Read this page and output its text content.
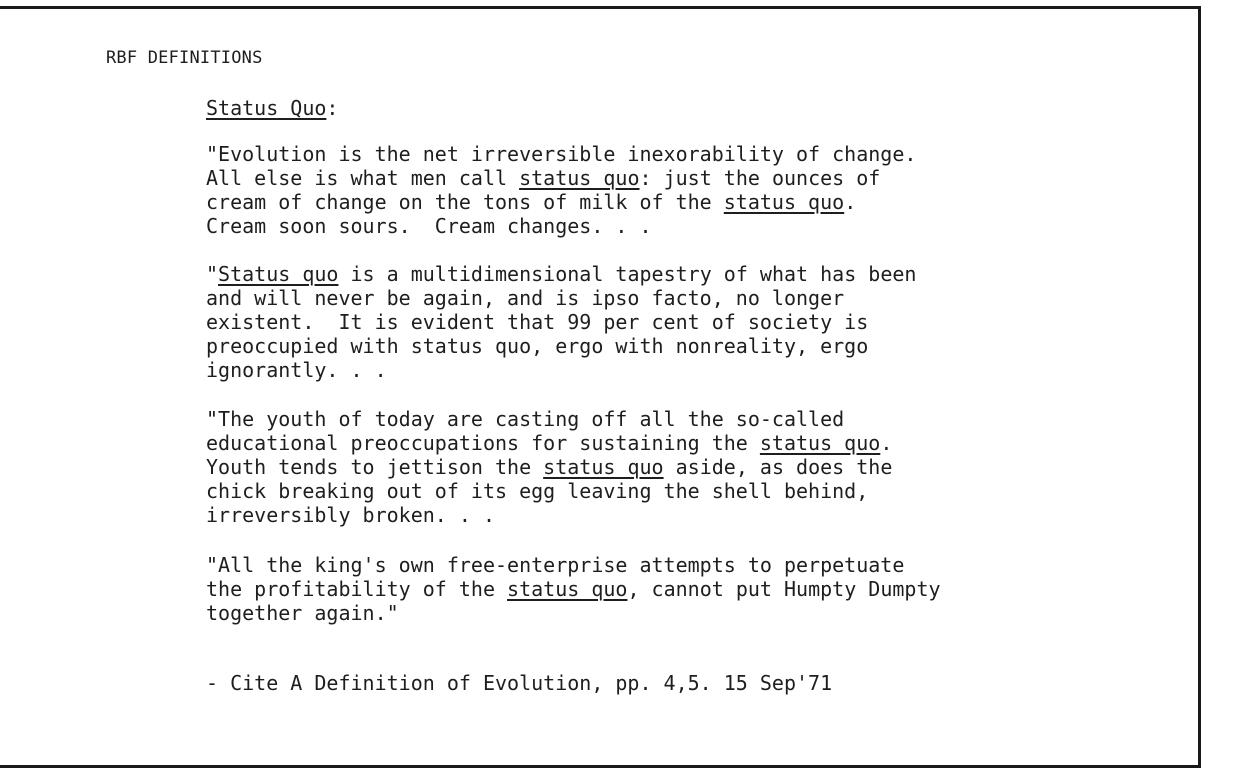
RBF DEFINITIONS
Status Quo:
"Evolution is the net irreversible inexorability of change.
All else is what men call status quo: just the ounces of
cream of change on the tons of milk of the status quo.
Cream soon sours.  Cream changes. . .
"Status quo is a multidimensional tapestry of what has been
and will never be again, and is ipso facto, no longer
existent.  It is evident that 99 per cent of society is
preoccupied with status quo, ergo with nonreality, ergo
ignorantly. . .
"The youth of today are casting off all the so-called
educational preoccupations for sustaining the status quo.
Youth tends to jettison the status quo aside, as does the
chick breaking out of its egg leaving the shell behind,
irreversibly broken. . .
"All the king's own free-enterprise attempts to perpetuate
the profitability of the status quo, cannot put Humpty Dumpty
together again."
- Cite A Definition of Evolution, pp. 4,5. 15 Sep'71
